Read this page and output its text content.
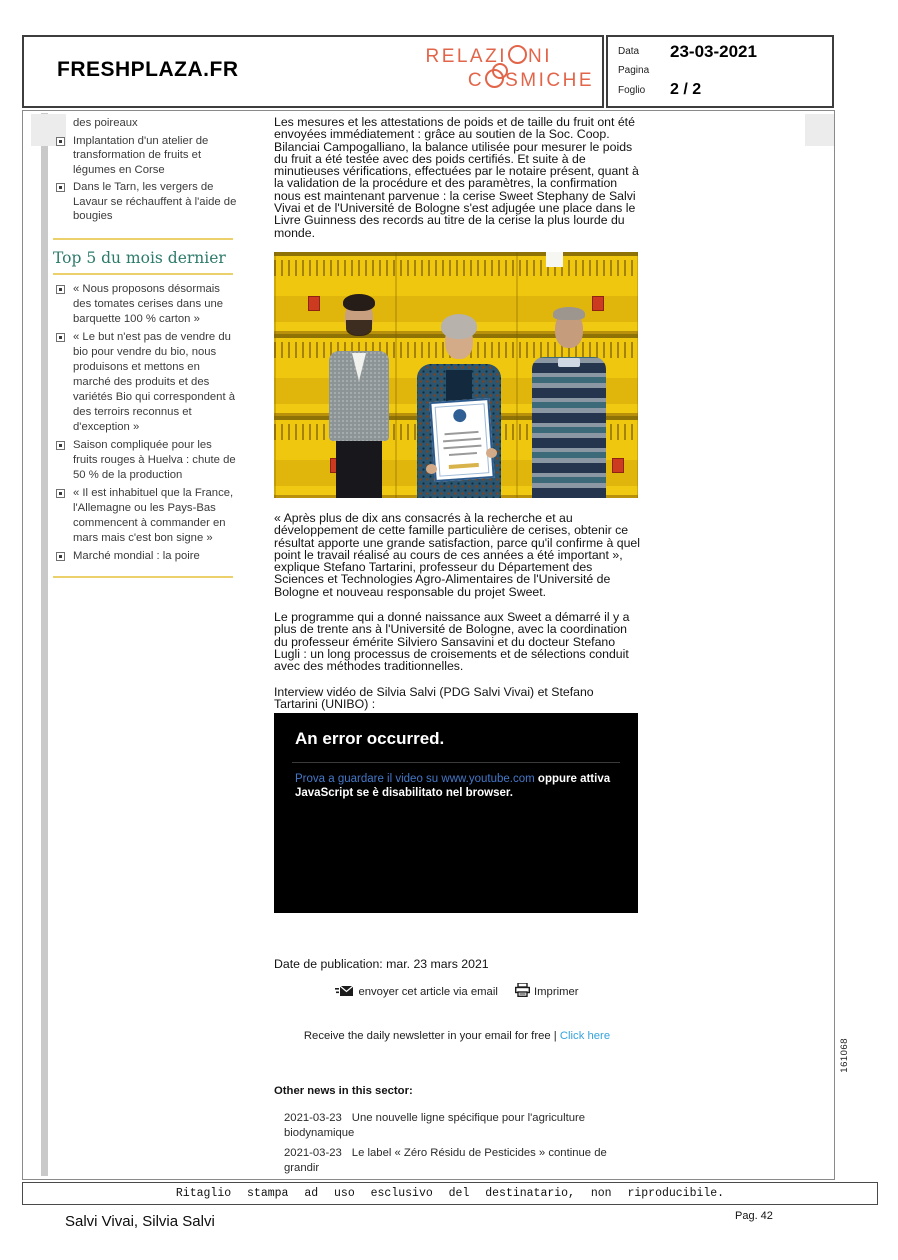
FRESHPLAZA.FR
RELAZI NI
C SMICHE
Data 23-03-2021
Pagina
Foglio 2 / 2
des poireaux
Implantation d'un atelier de transformation de fruits et légumes en Corse
Dans le Tarn, les vergers de Lavaur se réchauffent à l'aide de bougies
Top 5 du mois dernier
« Nous proposons désormais des tomates cerises dans une barquette 100 % carton »
« Le but n'est pas de vendre du bio pour vendre du bio, nous produisons et mettons en marché des produits et des variétés Bio qui correspondent à des terroirs reconnus et d'exception »
Saison compliquée pour les fruits rouges à Huelva : chute de 50 % de la production
« Il est inhabituel que la France, l'Allemagne ou les Pays-Bas commencent à commander en mars mais c'est bon signe »
Marché mondial : la poire

Les mesures et les attestations de poids et de taille du fruit ont été envoyées immédiatement : grâce au soutien de la Soc. Coop. Bilanciai Campogalliano, la balance utilisée pour mesurer le poids du fruit a été testée avec des poids certifiés. Et suite à de minutieuses vérifications, effectuées par le notaire présent, quant à la validation de la procédure et des paramètres, la confirmation nous est maintenant parvenue : la cerise Sweet Stephany de Salvi Vivai et de l'Université de Bologne s'est adjugée une place dans le Livre Guinness des records au titre de la cerise la plus lourde du monde.

« Après plus de dix ans consacrés à la recherche et au développement de cette famille particulière de cerises, obtenir ce résultat apporte une grande satisfaction, parce qu'il confirme à quel point le travail réalisé au cours de ces années a été important », explique Stefano Tartarini, professeur du Département des Sciences et Technologies Agro-Alimentaires de l'Université de Bologne et nouveau responsable du projet Sweet.

Le programme qui a donné naissance aux Sweet a démarré il y a plus de trente ans à l'Université de Bologne, avec la coordination du professeur émérite Silviero Sansavini et du docteur Stefano Lugli : un long processus de croisements et de sélections conduit avec des méthodes traditionnelles.

Interview vidéo de Silvia Salvi (PDG Salvi Vivai) et Stefano Tartarini (UNIBO) :

An error occurred.
Prova a guardare il video su www.youtube.com oppure attiva JavaScript se è disabilitato nel browser.

Date de publication: mar. 23 mars 2021

envoyer cet article via email	Imprimer
Receive the daily newsletter in your email for free | Click here
Other news in this sector:
2021-03-23 Une nouvelle ligne spécifique pour l'agriculture biodynamique
2021-03-23 Le label « Zéro Résidu de Pesticides » continue de grandir
161068
Ritaglio stampa ad uso esclusivo del destinatario, non riproducibile.
Salvi Vivai, Silvia Salvi	Pag. 42
